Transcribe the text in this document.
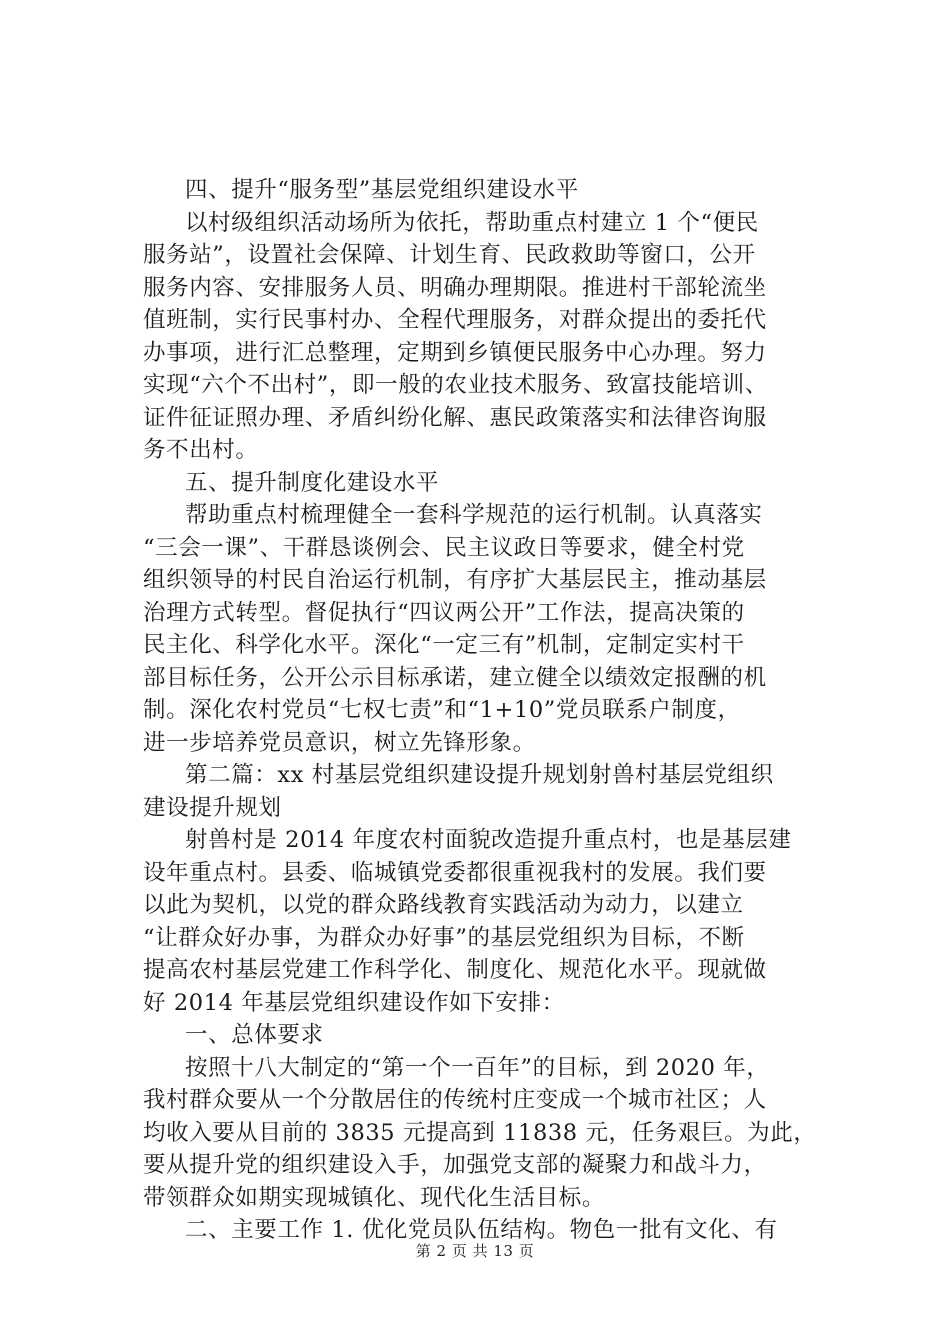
四、提升“服务型”基层党组织建设水平
以村级组织活动场所为依托，帮助重点村建立 1 个“便民
服务站”，设置社会保障、计划生育、民政救助等窗口，公开
服务内容、安排服务人员、明确办理期限。推进村干部轮流坐
值班制，实行民事村办、全程代理服务，对群众提出的委托代
办事项，进行汇总整理，定期到乡镇便民服务中心办理。努力
实现“六个不出村”，即一般的农业技术服务、致富技能培训、
证件征证照办理、矛盾纠纷化解、惠民政策落实和法律咨询服
务不出村。
五、提升制度化建设水平
帮助重点村梳理健全一套科学规范的运行机制。认真落实
“三会一课”、干群恳谈例会、民主议政日等要求，健全村党
组织领导的村民自治运行机制，有序扩大基层民主，推动基层
治理方式转型。督促执行“四议两公开”工作法，提高决策的
民主化、科学化水平。深化“一定三有”机制，定制定实村干
部目标任务，公开公示目标承诺，建立健全以绩效定报酬的机
制。深化农村党员“七权七责”和“1+10”党员联系户制度，
进一步培养党员意识，树立先锋形象。
第二篇：xx 村基层党组织建设提升规划射兽村基层党组织
建设提升规划
射兽村是 2014 年度农村面貌改造提升重点村，也是基层建
设年重点村。县委、临城镇党委都很重视我村的发展。我们要
以此为契机，以党的群众路线教育实践活动为动力，以建立
“让群众好办事，为群众办好事”的基层党组织为目标，不断
提高农村基层党建工作科学化、制度化、规范化水平。现就做
好 2014 年基层党组织建设作如下安排：
一、总体要求
按照十八大制定的“第一个一百年”的目标，到 2020 年，
我村群众要从一个分散居住的传统村庄变成一个城市社区；人
均收入要从目前的 3835 元提高到 11838 元，任务艰巨。为此，
要从提升党的组织建设入手，加强党支部的凝聚力和战斗力，
带领群众如期实现城镇化、现代化生活目标。
二、主要工作 1. 优化党员队伍结构。物色一批有文化、有
第 2 页 共 13 页
